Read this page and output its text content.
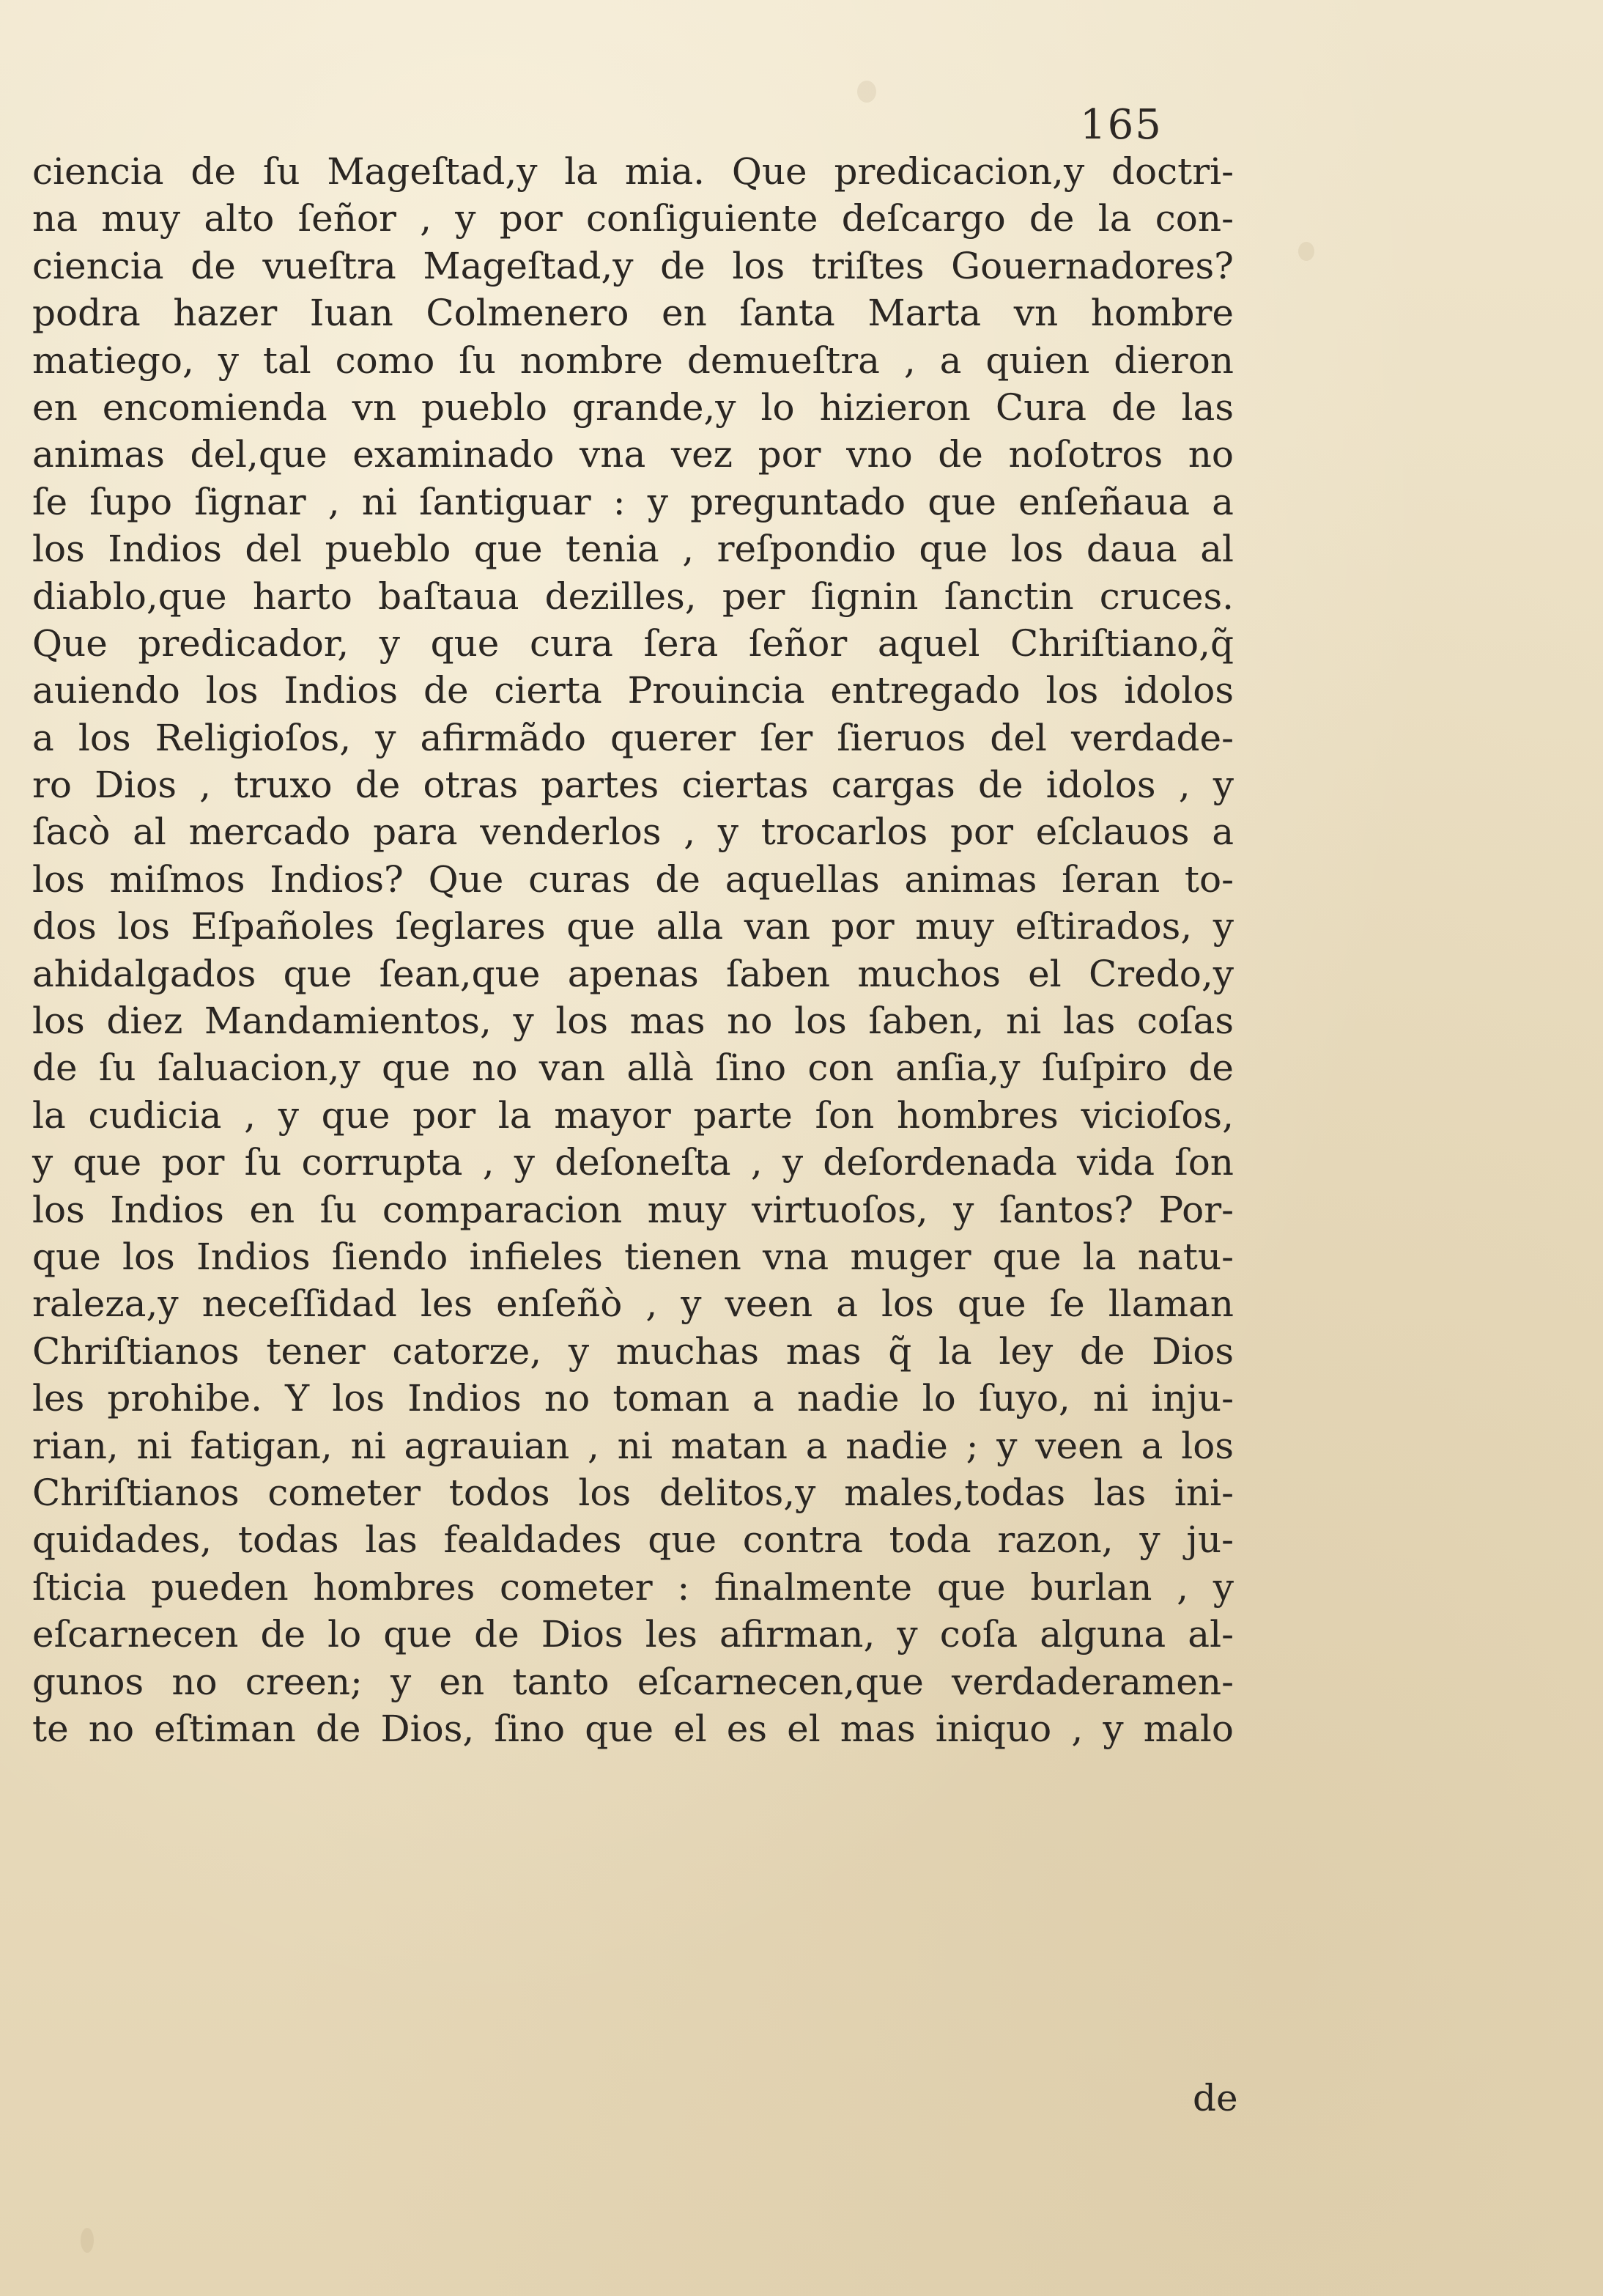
165
ciencia de ſu Mageſtad,y la mia. Que predicacion,y doctri-
na muy alto ſeñor , y por conſiguiente deſcargo de la con-
ciencia de vueſtra Mageſtad,y de los triſtes Gouernadores?
podra hazer Iuan Colmenero en ſanta Marta vn hombre
matiego, y tal como ſu nombre demueſtra , a quien dieron
en encomienda vn pueblo grande,y lo hizieron Cura de las
animas del,que examinado vna vez por vno de noſotros no
ſe ſupo ſignar , ni ſantiguar : y preguntado que enſeñaua a
los Indios del pueblo que tenia , reſpondio que los daua al
diablo,que harto baſtaua dezilles, per ſignin ſanctin cruces.
Que predicador, y que cura ſera ſeñor aquel Chriſtiano,q̃
auiendo los Indios de cierta Prouincia entregado los idolos
a los Religioſos, y afirmãdo querer ſer ſieruos del verdade-
ro Dios , truxo de otras partes ciertas cargas de idolos , y
ſacò al mercado para venderlos , y trocarlos por eſclauos a
los miſmos Indios? Que curas de aquellas animas ſeran to-
dos los Eſpañoles ſeglares que alla van por muy eſtirados, y
ahidalgados que ſean,que apenas ſaben muchos el Credo,y
los diez Mandamientos, y los mas no los ſaben, ni las coſas
de ſu ſaluacion,y que no van allà ſino con anſia,y ſuſpiro de
la cudicia , y que por la mayor parte ſon hombres vicioſos,
y que por ſu corrupta , y deſoneſta , y deſordenada vida ſon
los Indios en ſu comparacion muy virtuoſos, y ſantos? Por-
que los Indios ſiendo infieles tienen vna muger que la natu-
raleza,y neceſſidad les enſeñò , y veen a los que ſe llaman
Chriſtianos tener catorze, y muchas mas q̃ la ley de Dios
les prohibe. Y los Indios no toman a nadie lo ſuyo, ni inju-
rian, ni fatigan, ni agrauian , ni matan a nadie ; y veen a los
Chriſtianos cometer todos los delitos,y males,todas las ini-
quidades, todas las fealdades que contra toda razon, y ju-
ſticia pueden hombres cometer : finalmente que burlan , y
eſcarnecen de lo que de Dios les afirman, y coſa alguna al-
gunos no creen; y en tanto eſcarnecen,que verdaderamen-
te no eſtiman de Dios, ſino que el es el mas iniquo , y malo
de
